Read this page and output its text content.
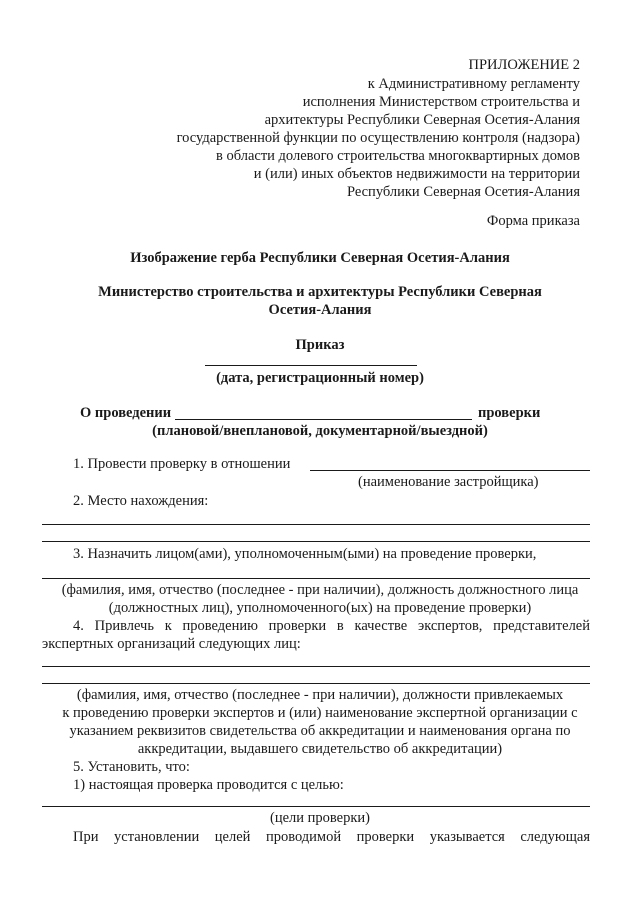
ПРИЛОЖЕНИЕ 2
к Административному регламенту
исполнения Министерством строительства и
архитектуры Республики Северная Осетия-Алания
государственной функции по осуществлению контроля (надзора)
в области долевого строительства многоквартирных домов
и (или) иных объектов недвижимости на территории
Республики Северная Осетия-Алания
Форма приказа
Изображение герба Республики Северная Осетия-Алания
Министерство строительства и архитектуры Республики Северная
Осетия-Алания
Приказ
(дата, регистрационный номер)
О проведении	проверки
(плановой/внеплановой, документарной/выездной)
1. Провести проверку в отношении
(наименование застройщика)
2. Место нахождения:
3. Назначить лицом(ами), уполномоченным(ыми) на проведение проверки,
(фамилия, имя, отчество (последнее - при наличии), должность должностного лица
(должностных лиц), уполномоченного(ых) на проведение проверки)
4. Привлечь к проведению проверки в качестве экспертов, представителей
экспертных организаций следующих лиц:
(фамилия, имя, отчество (последнее - при наличии), должности привлекаемых
к проведению проверки экспертов и (или) наименование экспертной организации с
указанием реквизитов свидетельства об аккредитации и наименования органа по
аккредитации, выдавшего свидетельство об аккредитации)
5. Установить, что:
1) настоящая проверка проводится с целью:
(цели проверки)
При установлении целей проводимой проверки указывается следующая
